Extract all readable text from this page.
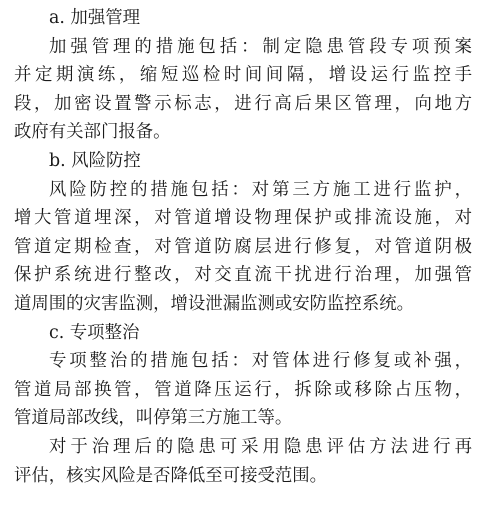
a. 加强管理
加强管理的措施包括：制定隐患管段专项预案
并定期演练，缩短巡检时间间隔，增设运行监控手
段，加密设置警示标志，进行高后果区管理，向地方
政府有关部门报备。
b. 风险防控
风险防控的措施包括：对第三方施工进行监护，
增大管道埋深，对管道增设物理保护或排流设施，对
管道定期检查，对管道防腐层进行修复，对管道阴极
保护系统进行整改，对交直流干扰进行治理，加强管
道周围的灾害监测，增设泄漏监测或安防监控系统。
c. 专项整治
专项整治的措施包括：对管体进行修复或补强，
管道局部换管，管道降压运行，拆除或移除占压物，
管道局部改线，叫停第三方施工等。
对于治理后的隐患可采用隐患评估方法进行再
评估，核实风险是否降低至可接受范围。
